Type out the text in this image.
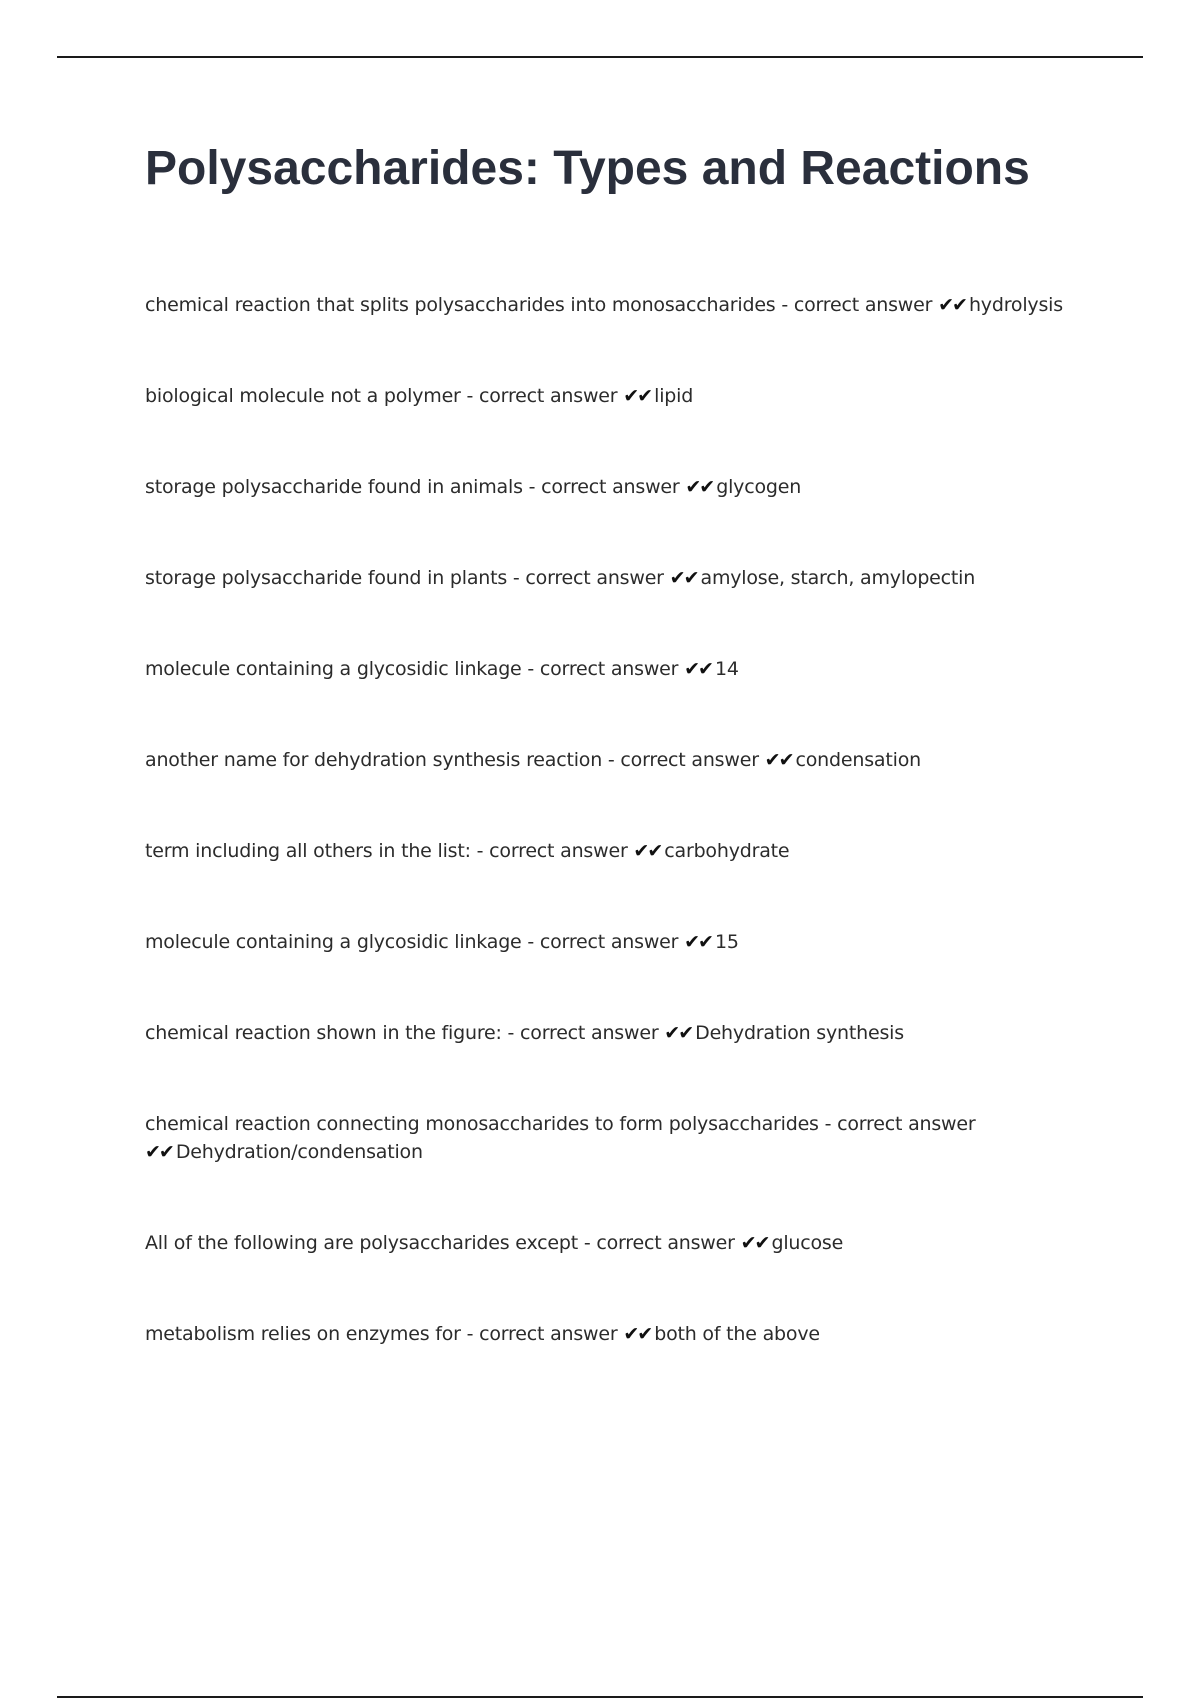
Polysaccharides: Types and Reactions
chemical reaction that splits polysaccharides into monosaccharides - correct answer ✔✔ hydrolysis
biological molecule not a polymer - correct answer ✔✔ lipid
storage polysaccharide found in animals - correct answer ✔✔ glycogen
storage polysaccharide found in plants - correct answer ✔✔ amylose, starch, amylopectin
molecule containing a glycosidic linkage - correct answer ✔✔ 14
another name for dehydration synthesis reaction - correct answer ✔✔ condensation
term including all others in the list: - correct answer ✔✔ carbohydrate
molecule containing a glycosidic linkage - correct answer ✔✔ 15
chemical reaction shown in the figure: - correct answer ✔✔ Dehydration synthesis
chemical reaction connecting monosaccharides to form polysaccharides - correct answer
✔✔ Dehydration/condensation
All of the following are polysaccharides except - correct answer ✔✔ glucose
metabolism relies on enzymes for - correct answer ✔✔ both of the above
